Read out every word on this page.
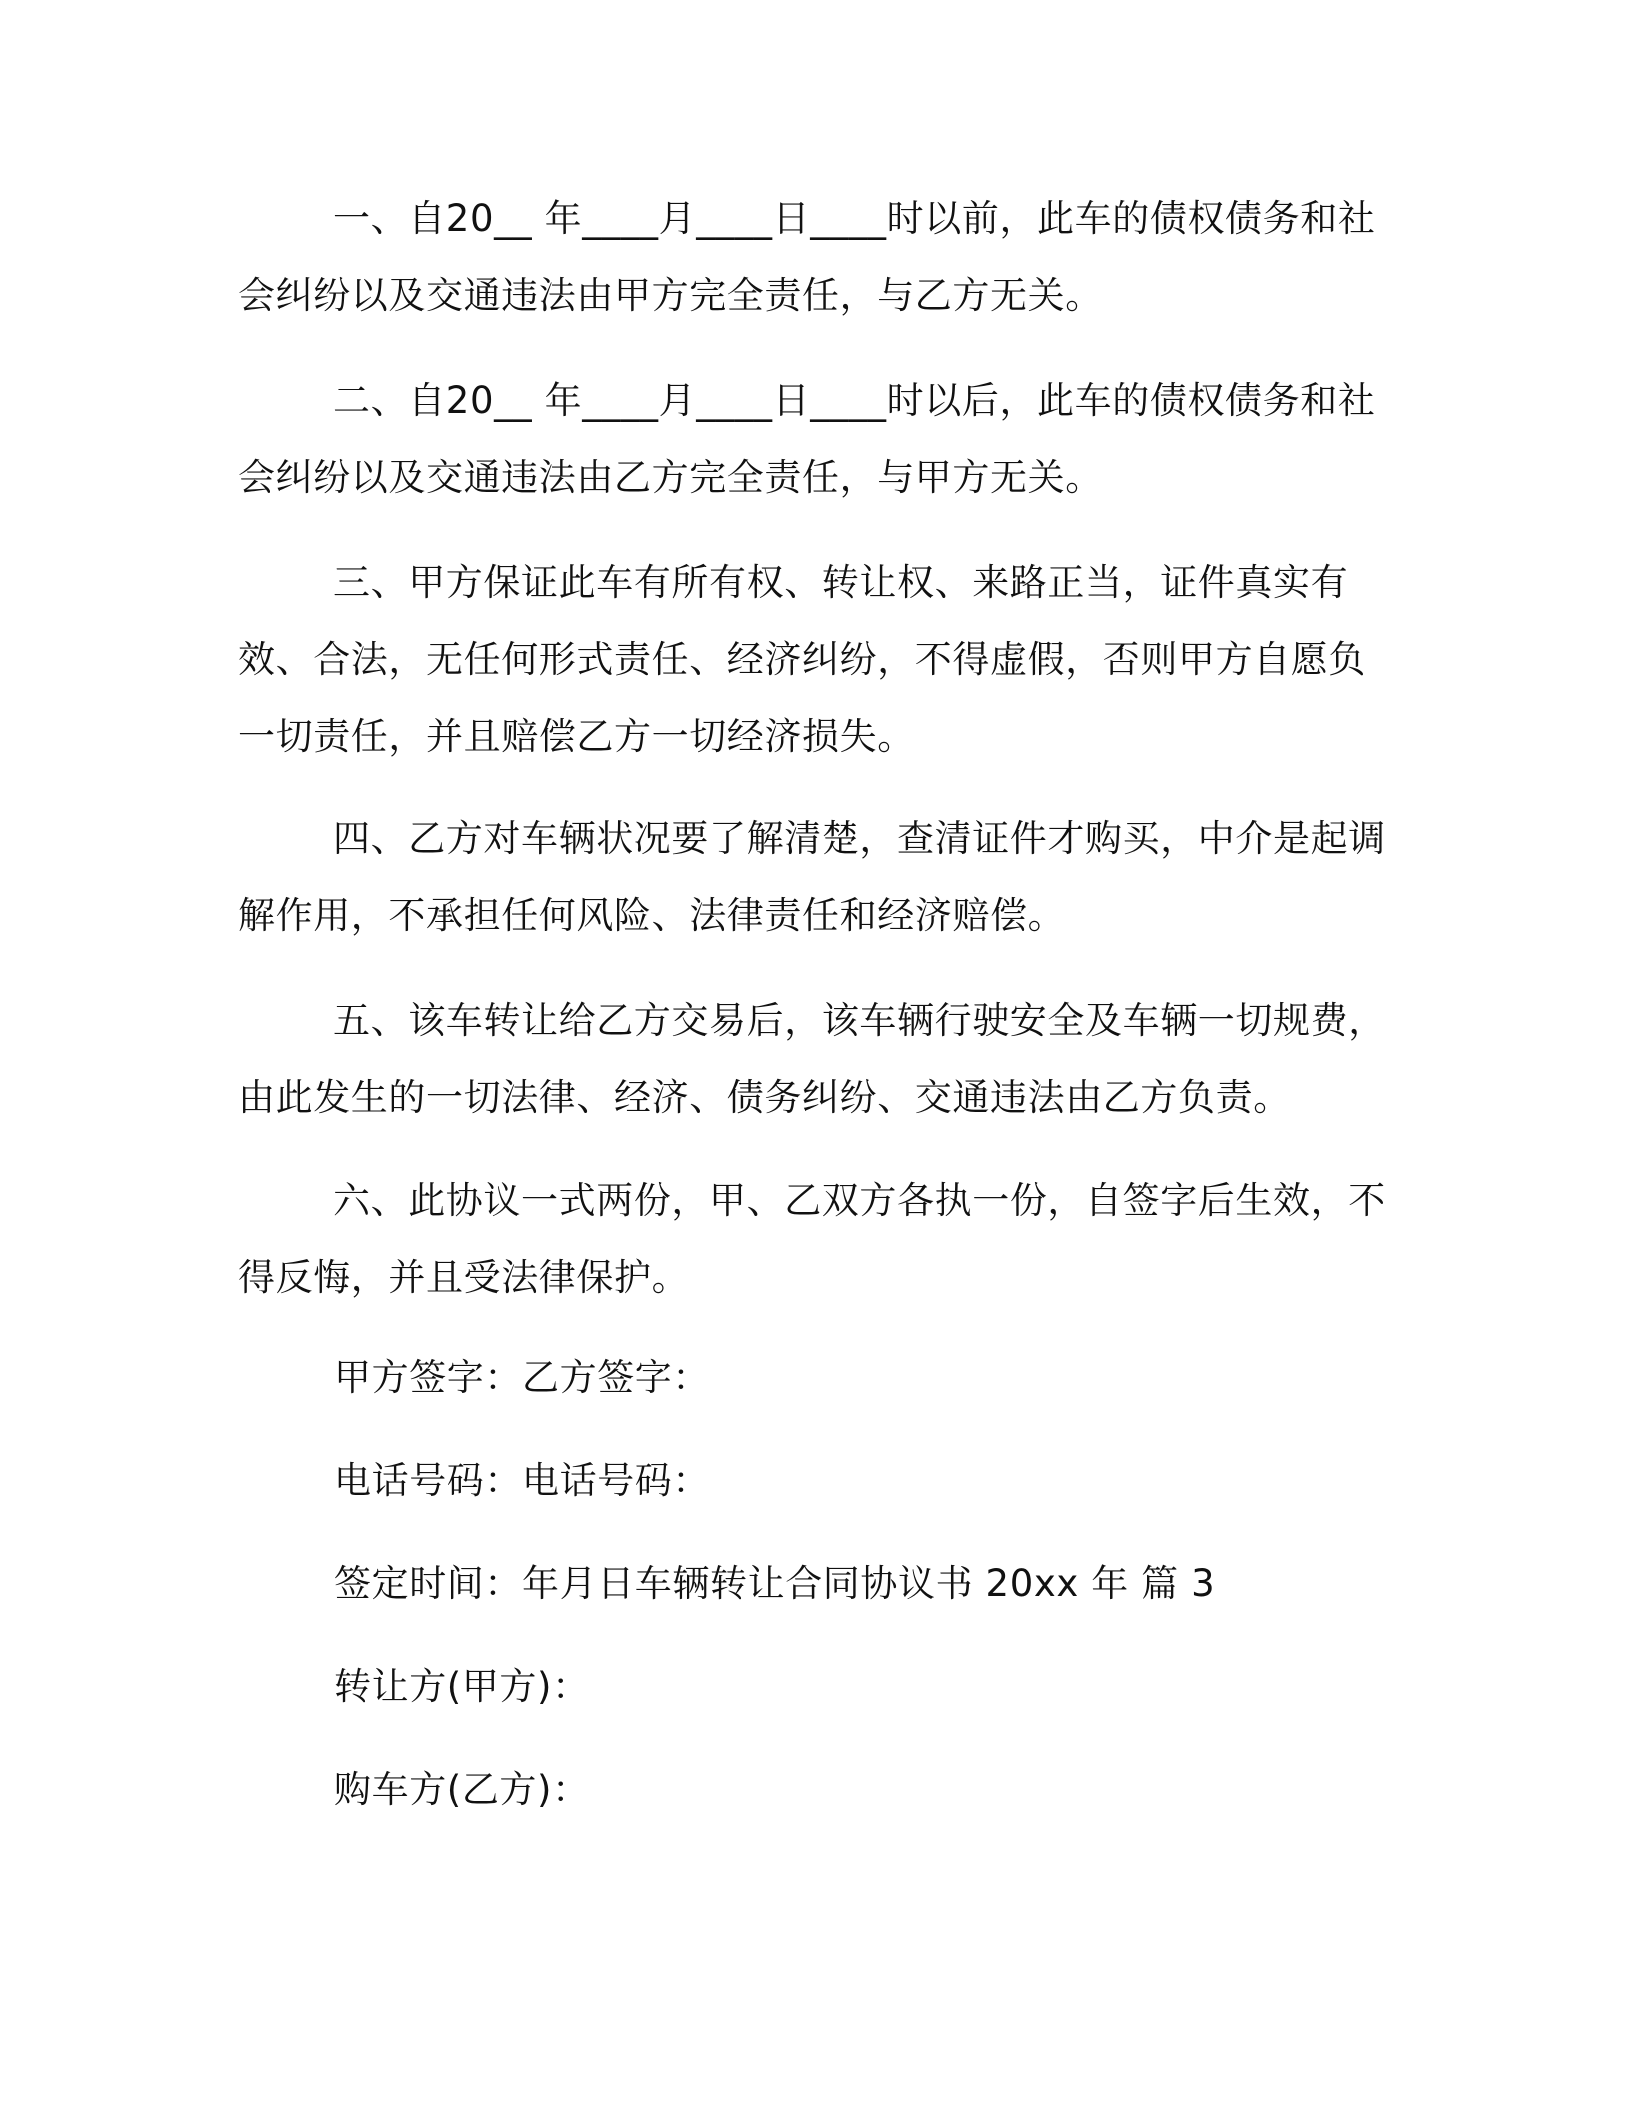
一、自20__ 年____月____日____时以前，此车的债权债务和社会纠纷以及交通违法由甲方完全责任，与乙方无关。

二、自20__ 年____月____日____时以后，此车的债权债务和社会纠纷以及交通违法由乙方完全责任，与甲方无关。

三、甲方保证此车有所有权、转让权、来路正当，证件真实有效、合法，无任何形式责任、经济纠纷，不得虚假，否则甲方自愿负一切责任，并且赔偿乙方一切经济损失。

四、乙方对车辆状况要了解清楚，查清证件才购买，中介是起调解作用，不承担任何风险、法律责任和经济赔偿。

五、该车转让给乙方交易后，该车辆行驶安全及车辆一切规费，由此发生的一切法律、经济、债务纠纷、交通违法由乙方负责。

六、此协议一式两份，甲、乙双方各执一份，自签字后生效，不得反悔，并且受法律保护。

甲方签字：乙方签字：

电话号码：电话号码：

签定时间：年月日车辆转让合同协议书 20xx 年 篇 3

转让方(甲方)：

购车方(乙方)：
